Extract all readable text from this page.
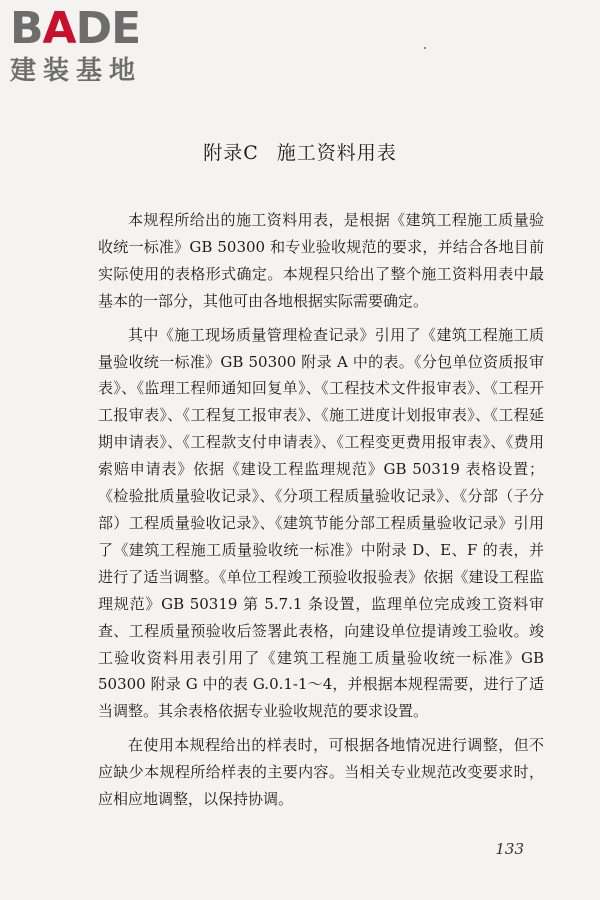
BADE
建装基地
附录C 施工资料用表

本规程所给出的施工资料用表，是根据《建筑工程施工质量验收统一标准》GB 50300 和专业验收规范的要求，并结合各地目前实际使用的表格形式确定。本规程只给出了整个施工资料用表中最基本的一部分，其他可由各地根据实际需要确定。

其中《施工现场质量管理检查记录》引用了《建筑工程施工质量验收统一标准》GB 50300 附录 A 中的表。《分包单位资质报审表》、《监理工程师通知回复单》、《工程技术文件报审表》、《工程开工报审表》、《工程复工报审表》、《施工进度计划报审表》、《工程延期申请表》、《工程款支付申请表》、《工程变更费用报审表》、《费用索赔申请表》依据《建设工程监理规范》GB 50319 表格设置；《检验批质量验收记录》、《分项工程质量验收记录》、《分部（子分部）工程质量验收记录》、《建筑节能分部工程质量验收记录》引用了《建筑工程施工质量验收统一标准》中附录 D、E、F 的表，并进行了适当调整。《单位工程竣工预验收报验表》依据《建设工程监理规范》GB 50319 第 5.7.1 条设置，监理单位完成竣工资料审查、工程质量预验收后签署此表格，向建设单位提请竣工验收。竣工验收资料用表引用了《建筑工程施工质量验收统一标准》GB 50300 附录 G 中的表 G.0.1-1～4，并根据本规程需要，进行了适当调整。其余表格依据专业验收规范的要求设置。

在使用本规程给出的样表时，可根据各地情况进行调整，但不应缺少本规程所给样表的主要内容。当相关专业规范改变要求时，应相应地调整，以保持协调。

133
